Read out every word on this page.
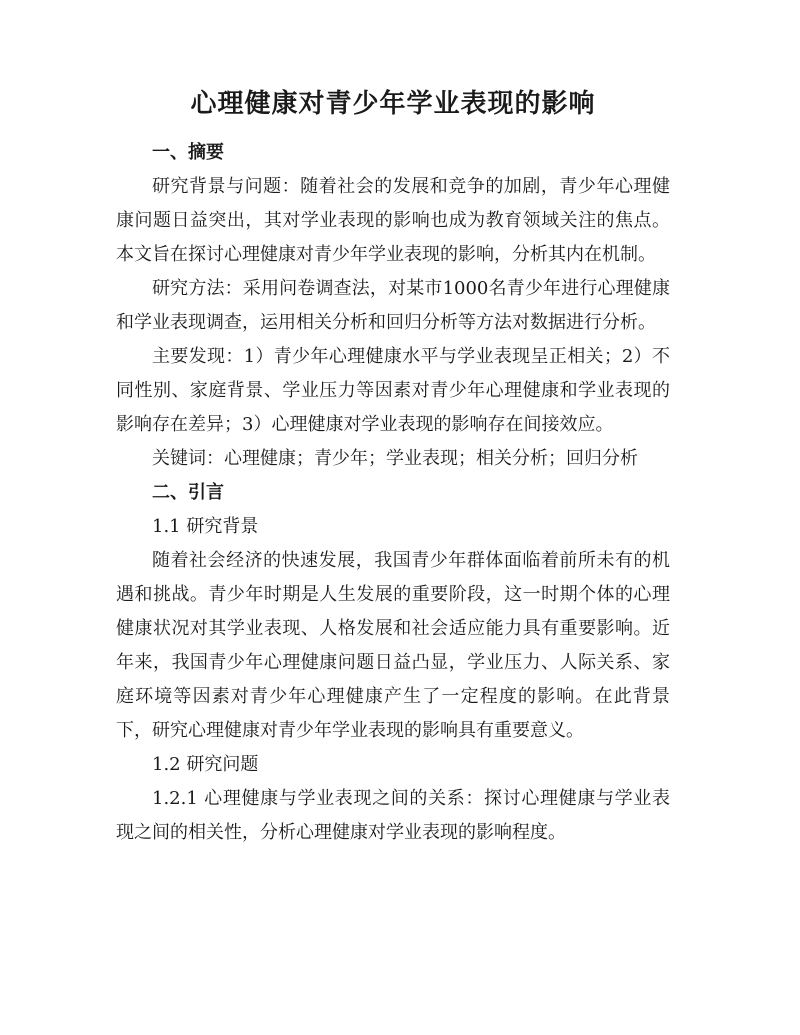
心理健康对青少年学业表现的影响

一、摘要

研究背景与问题：随着社会的发展和竞争的加剧，青少年心理健康问题日益突出，其对学业表现的影响也成为教育领域关注的焦点。本文旨在探讨心理健康对青少年学业表现的影响，分析其内在机制。

研究方法：采用问卷调查法，对某市1000名青少年进行心理健康和学业表现调查，运用相关分析和回归分析等方法对数据进行分析。

主要发现：1）青少年心理健康水平与学业表现呈正相关；2）不同性别、家庭背景、学业压力等因素对青少年心理健康和学业表现的影响存在差异；3）心理健康对学业表现的影响存在间接效应。

关键词：心理健康；青少年；学业表现；相关分析；回归分析

二、引言

1.1 研究背景

随着社会经济的快速发展，我国青少年群体面临着前所未有的机遇和挑战。青少年时期是人生发展的重要阶段，这一时期个体的心理健康状况对其学业表现、人格发展和社会适应能力具有重要影响。近年来，我国青少年心理健康问题日益凸显，学业压力、人际关系、家庭环境等因素对青少年心理健康产生了一定程度的影响。在此背景下，研究心理健康对青少年学业表现的影响具有重要意义。

1.2 研究问题

1.2.1 心理健康与学业表现之间的关系：探讨心理健康与学业表现之间的相关性，分析心理健康对学业表现的影响程度。
